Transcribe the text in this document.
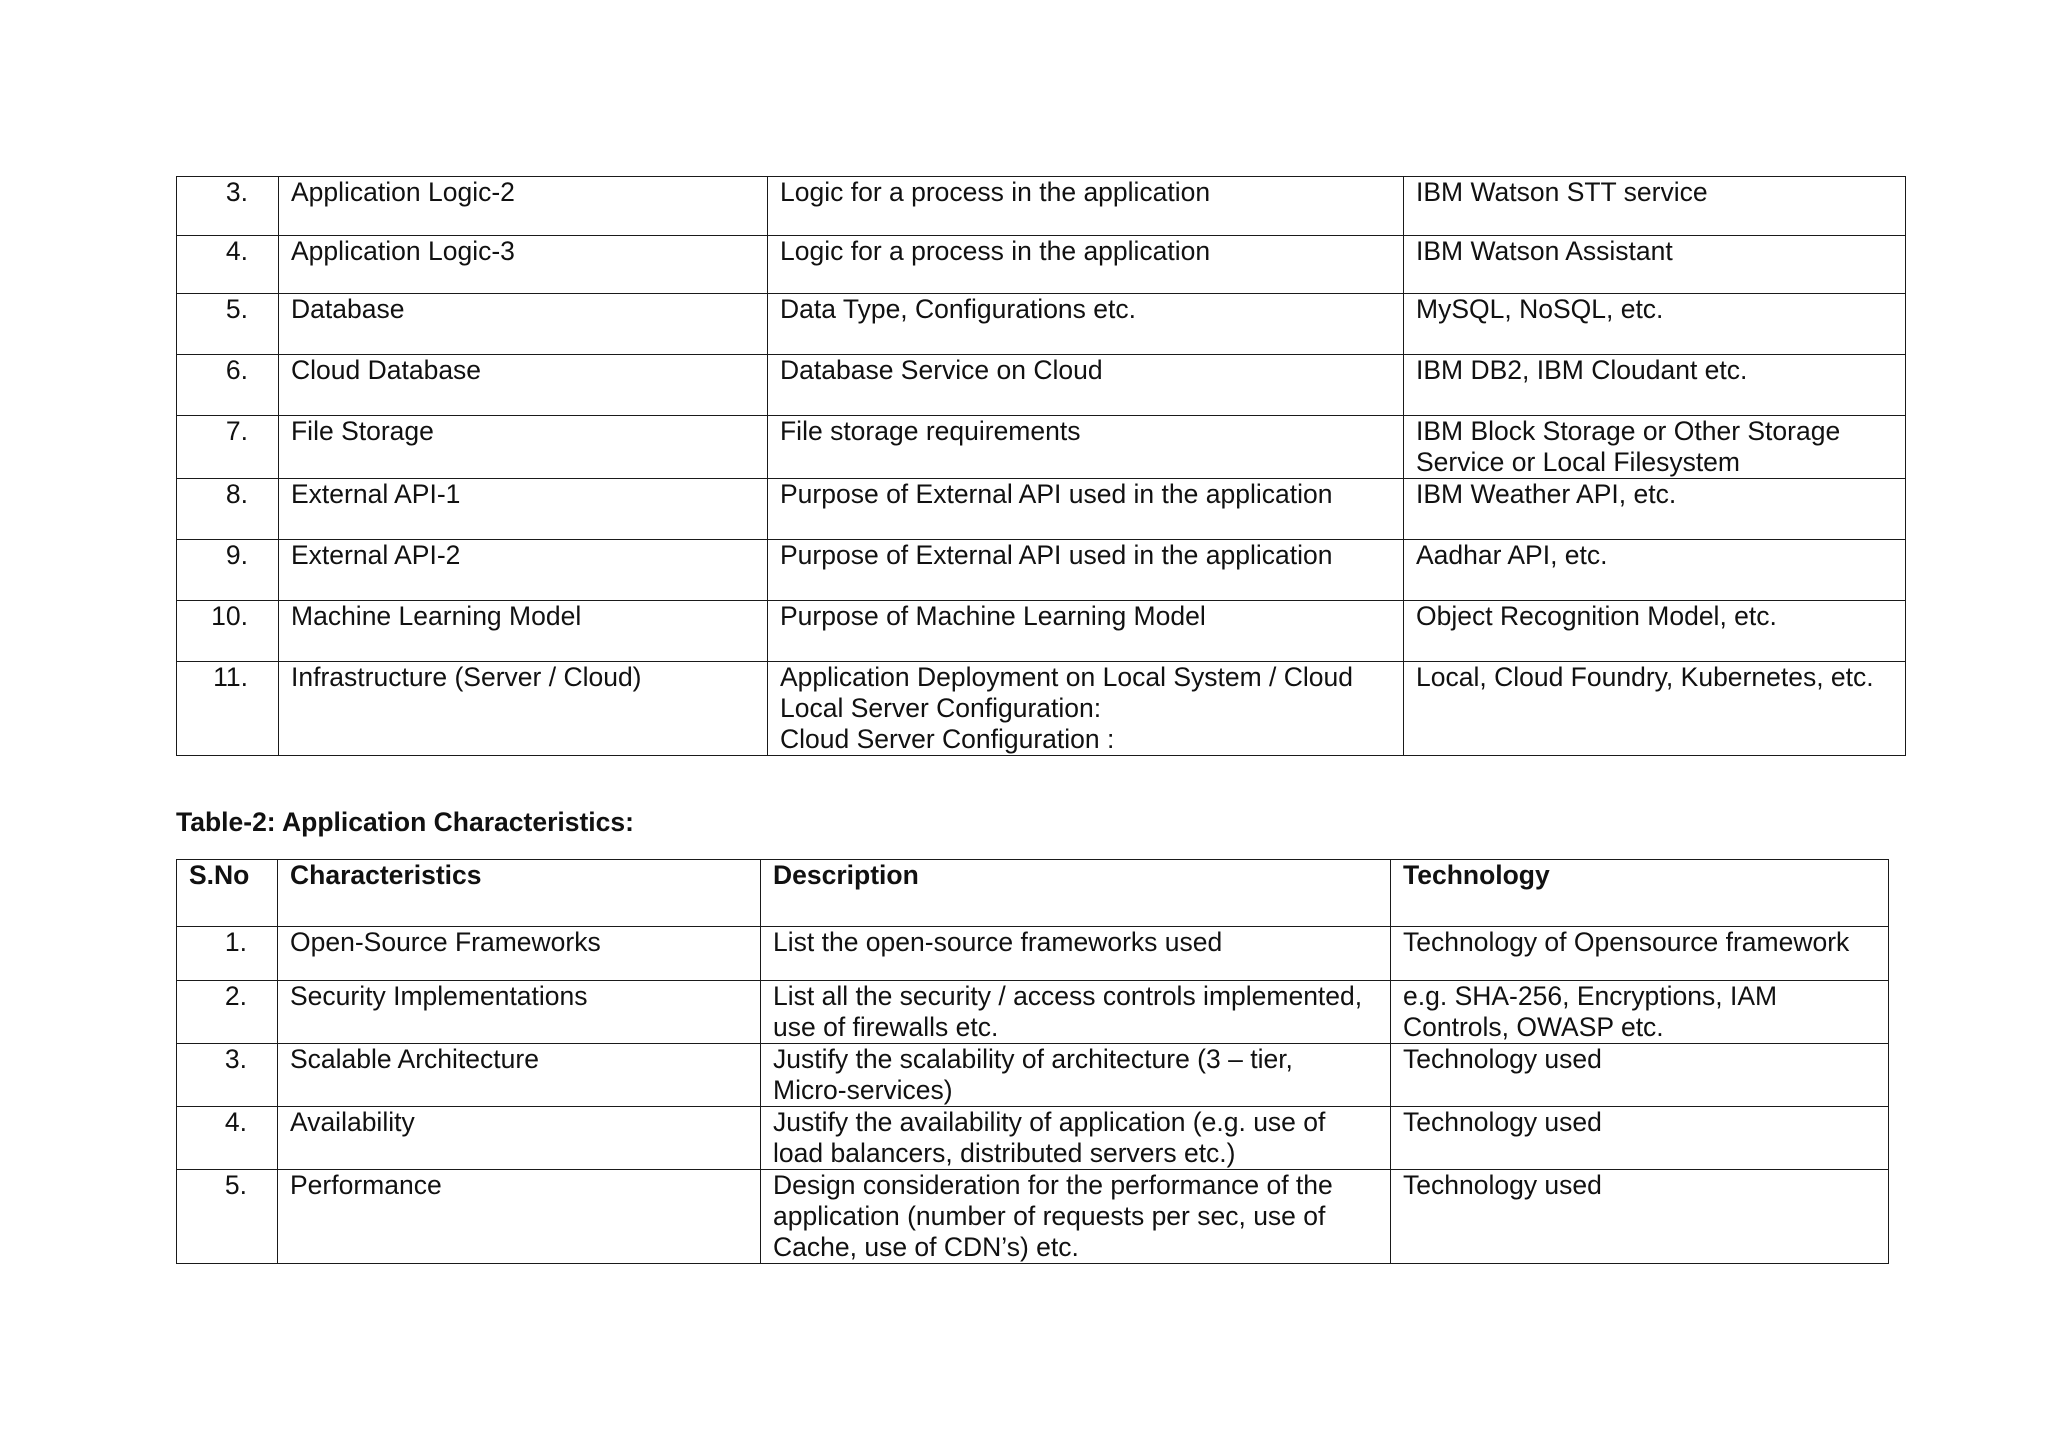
3.	Application Logic-2	Logic for a process in the application	IBM Watson STT service
4.	Application Logic-3	Logic for a process in the application	IBM Watson Assistant
5.	Database	Data Type, Configurations etc.	MySQL, NoSQL, etc.
6.	Cloud Database	Database Service on Cloud	IBM DB2, IBM Cloudant etc.
7.	File Storage	File storage requirements	IBM Block Storage or Other Storage
Service or Local Filesystem
8.	External API-1	Purpose of External API used in the application	IBM Weather API, etc.
9.	External API-2	Purpose of External API used in the application	Aadhar API, etc.
10.	Machine Learning Model	Purpose of Machine Learning Model	Object Recognition Model, etc.
11.	Infrastructure (Server / Cloud)	Application Deployment on Local System / Cloud
Local Server Configuration:
Cloud Server Configuration :	Local, Cloud Foundry, Kubernetes, etc.

Table-2: Application Characteristics:

S.No	Characteristics	Description	Technology
1.	Open-Source Frameworks	List the open-source frameworks used	Technology of Opensource framework
2.	Security Implementations	List all the security / access controls implemented,
use of firewalls etc.	e.g. SHA-256, Encryptions, IAM
Controls, OWASP etc.
3.	Scalable Architecture	Justify the scalability of architecture (3 – tier,
Micro-services)	Technology used
4.	Availability	Justify the availability of application (e.g. use of
load balancers, distributed servers etc.)	Technology used
5.	Performance	Design consideration for the performance of the
application (number of requests per sec, use of
Cache, use of CDN’s) etc.	Technology used
